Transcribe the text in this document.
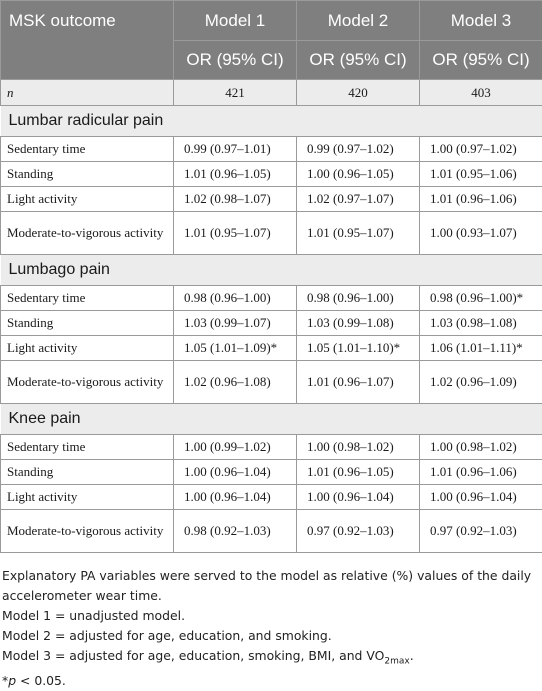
MSK outcome	Model 1	Model 2	Model 3
	OR (95% CI)	OR (95% CI)	OR (95% CI)
n	421	420	403
Lumbar radicular pain			
Sedentary time	0.99 (0.97–1.01)	0.99 (0.97–1.02)	1.00 (0.97–1.02)
Standing	1.01 (0.96–1.05)	1.00 (0.96–1.05)	1.01 (0.95–1.06)
Light activity	1.02 (0.98–1.07)	1.02 (0.97–1.07)	1.01 (0.96–1.06)
Moderate-to-vigorous activity	1.01 (0.95–1.07)	1.01 (0.95–1.07)	1.00 (0.93–1.07)
Lumbago pain			
Sedentary time	0.98 (0.96–1.00)	0.98 (0.96–1.00)	0.98 (0.96–1.00)*
Standing	1.03 (0.99–1.07)	1.03 (0.99–1.08)	1.03 (0.98–1.08)
Light activity	1.05 (1.01–1.09)*	1.05 (1.01–1.10)*	1.06 (1.01–1.11)*
Moderate-to-vigorous activity	1.02 (0.96–1.08)	1.01 (0.96–1.07)	1.02 (0.96–1.09)
Knee pain			
Sedentary time	1.00 (0.99–1.02)	1.00 (0.98–1.02)	1.00 (0.98–1.02)
Standing	1.00 (0.96–1.04)	1.01 (0.96–1.05)	1.01 (0.96–1.06)
Light activity	1.00 (0.96–1.04)	1.00 (0.96–1.04)	1.00 (0.96–1.04)
Moderate-to-vigorous activity	0.98 (0.92–1.03)	0.97 (0.92–1.03)	0.97 (0.92–1.03)

Explanatory PA variables were served to the model as relative (%) values of the daily accelerometer wear time.

Model 1 = unadjusted model.

Model 2 = adjusted for age, education, and smoking.

Model 3 = adjusted for age, education, smoking, BMI, and $VO_{2max}$.

*p < 0.05.
